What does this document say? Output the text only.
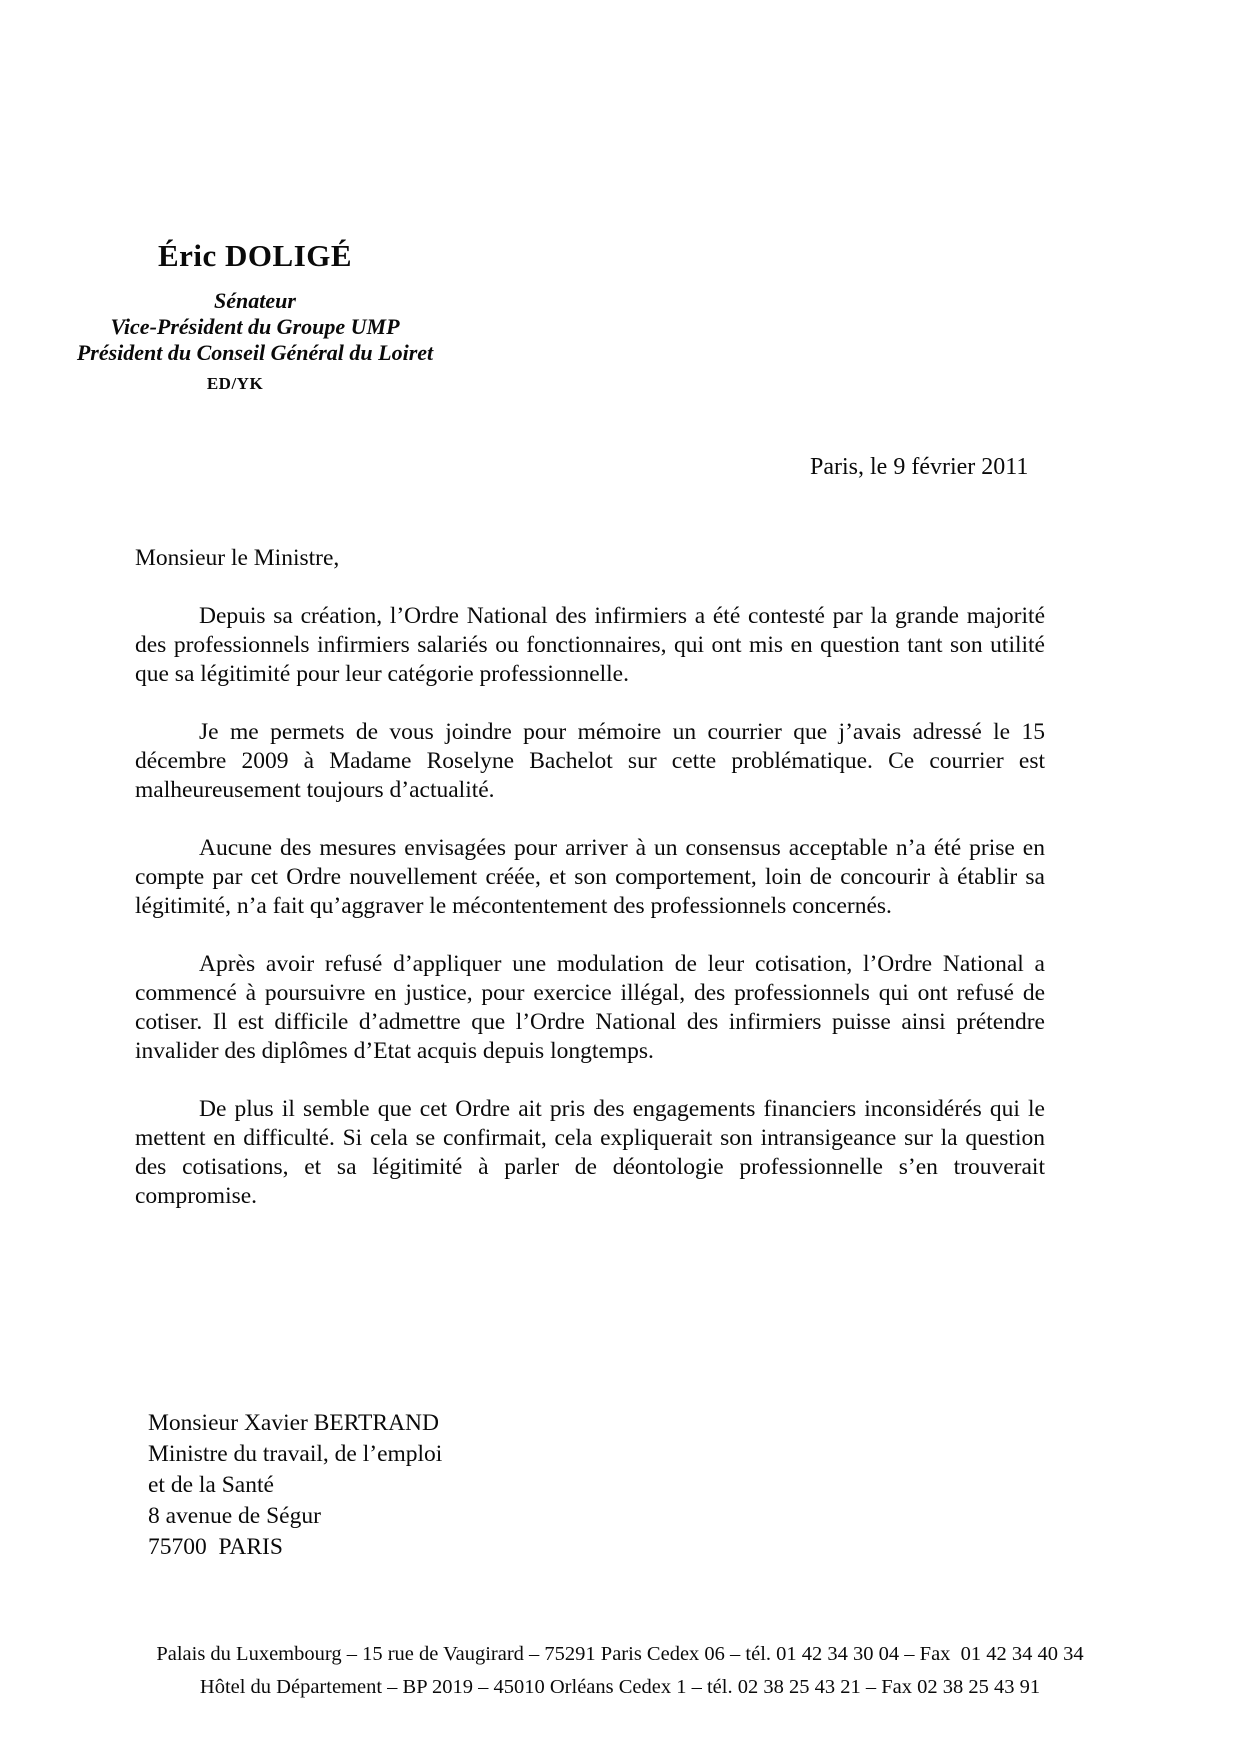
Éric DOLIGÉ
Sénateur
Vice-Président du Groupe UMP
Président du Conseil Général du Loiret
ED/YK
Paris, le 9 février 2011

Monsieur le Ministre,

Depuis sa création, l’Ordre National des infirmiers a été contesté par la grande majorité des professionnels infirmiers salariés ou fonctionnaires, qui ont mis en question tant son utilité que sa légitimité pour leur catégorie professionnelle.

Je me permets de vous joindre pour mémoire un courrier que j’avais adressé le 15 décembre 2009 à Madame Roselyne Bachelot sur cette problématique. Ce courrier est malheureusement toujours d’actualité.

Aucune des mesures envisagées pour arriver à un consensus acceptable n’a été prise en compte par cet Ordre nouvellement créée, et son comportement, loin de concourir à établir sa légitimité, n’a fait qu’aggraver le mécontentement des professionnels concernés.

Après avoir refusé d’appliquer une modulation de leur cotisation, l’Ordre National a commencé à poursuivre en justice, pour exercice illégal, des professionnels qui ont refusé de cotiser. Il est difficile d’admettre que l’Ordre National des infirmiers puisse ainsi prétendre invalider des diplômes d’Etat acquis depuis longtemps.

De plus il semble que cet Ordre ait pris des engagements financiers inconsidérés qui le mettent en difficulté. Si cela se confirmait, cela expliquerait son intransigeance sur la question des cotisations, et sa légitimité à parler de déontologie professionnelle s’en trouverait compromise.

Monsieur Xavier BERTRAND
Ministre du travail, de l’emploi
et de la Santé
8 avenue de Ségur
75700  PARIS
Palais du Luxembourg – 15 rue de Vaugirard – 75291 Paris Cedex 06 – tél. 01 42 34 30 04 – Fax  01 42 34 40 34
Hôtel du Département – BP 2019 – 45010 Orléans Cedex 1 – tél. 02 38 25 43 21 – Fax 02 38 25 43 91
